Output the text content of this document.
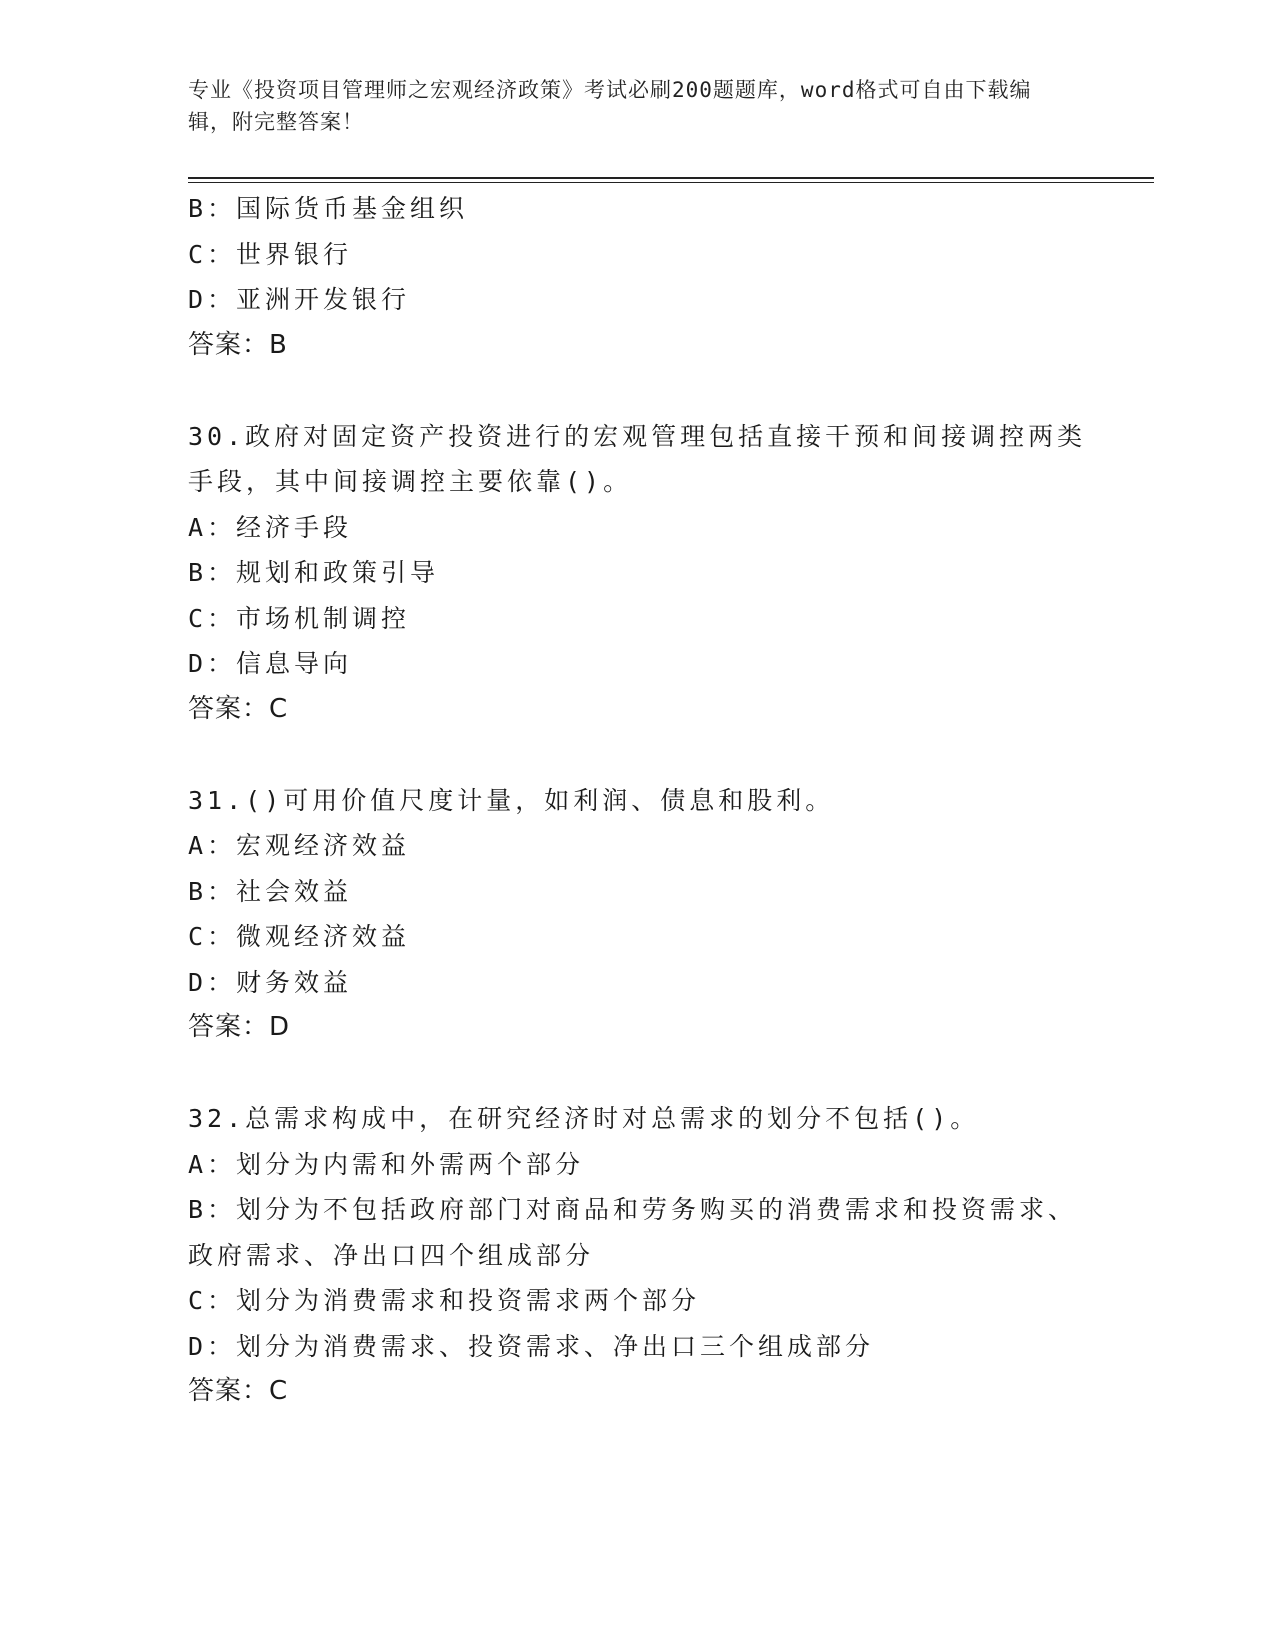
专业《投资项目管理师之宏观经济政策》考试必刷200题题库，word格式可自由下载编辑，附完整答案！

B：国际货币基金组织

C：世界银行

D：亚洲开发银行

答案：B

30.政府对固定资产投资进行的宏观管理包括直接干预和间接调控两类

手段，其中间接调控主要依靠()。

A：经济手段

B：规划和政策引导

C：市场机制调控

D：信息导向

答案：C

31.()可用价值尺度计量，如利润、债息和股利。

A：宏观经济效益

B：社会效益

C：微观经济效益

D：财务效益

答案：D

32.总需求构成中，在研究经济时对总需求的划分不包括()。

A：划分为内需和外需两个部分

B：划分为不包括政府部门对商品和劳务购买的消费需求和投资需求、

政府需求、净出口四个组成部分

C：划分为消费需求和投资需求两个部分

D：划分为消费需求、投资需求、净出口三个组成部分

答案：C
